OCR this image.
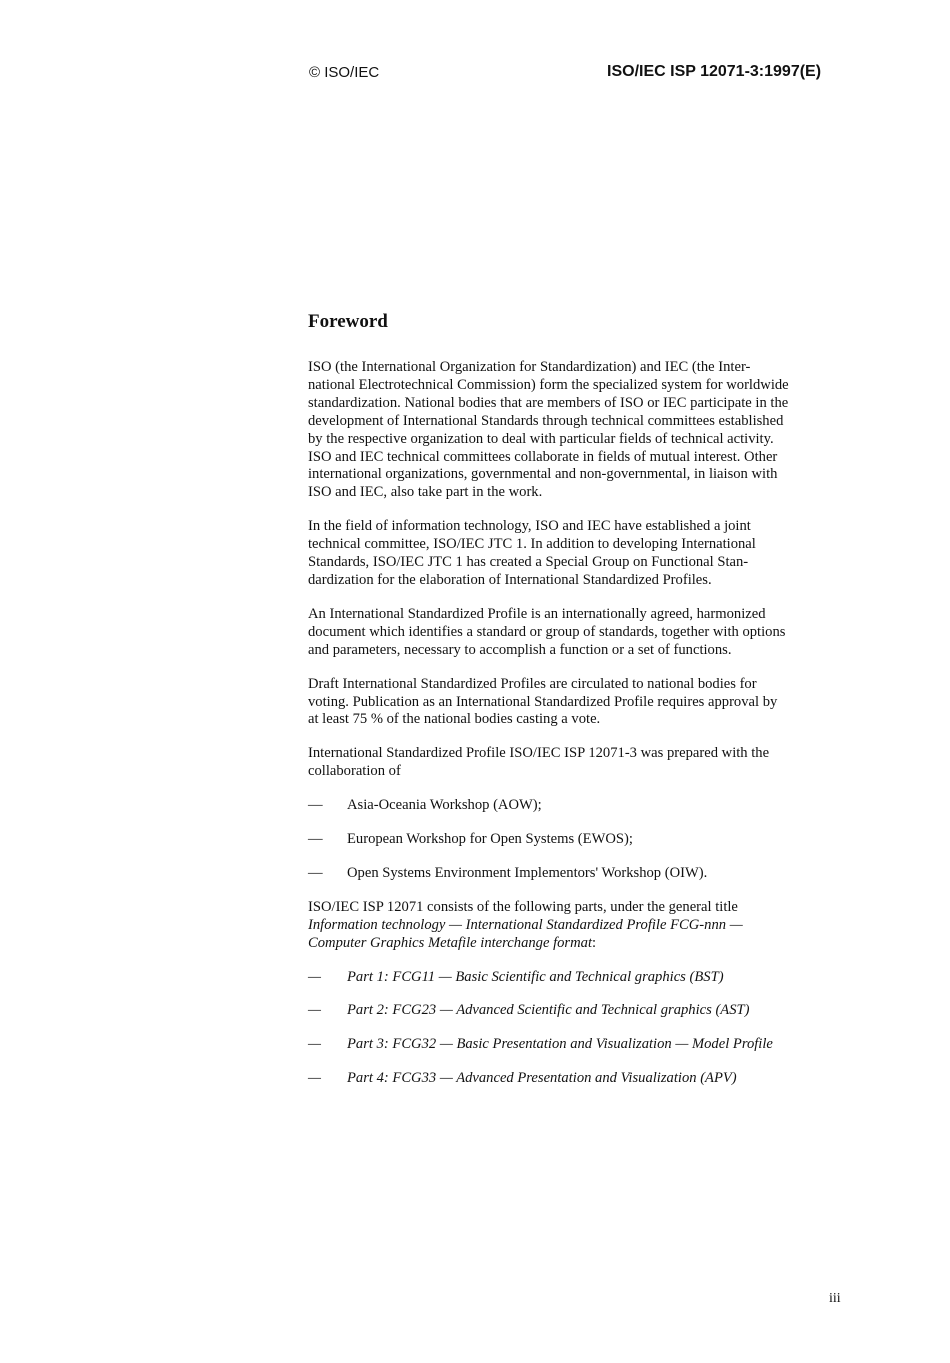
© ISO/IEC	ISO/IEC ISP 12071-3:1997(E)
Foreword

ISO (the International Organization for Standardization) and IEC (the Inter-
national Electrotechnical Commission) form the specialized system for worldwide
standardization. National bodies that are members of ISO or IEC participate in the
development of International Standards through technical committees established
by the respective organization to deal with particular fields of technical activity.
ISO and IEC technical committees collaborate in fields of mutual interest. Other
international organizations, governmental and non-governmental, in liaison with
ISO and IEC, also take part in the work.

In the field of information technology, ISO and IEC have established a joint
technical committee, ISO/IEC JTC 1. In addition to developing International
Standards, ISO/IEC JTC 1 has created a Special Group on Functional Stan-
dardization for the elaboration of International Standardized Profiles.

An International Standardized Profile is an internationally agreed, harmonized
document which identifies a standard or group of standards, together with options
and parameters, necessary to accomplish a function or a set of functions.

Draft International Standardized Profiles are circulated to national bodies for
voting. Publication as an International Standardized Profile requires approval by
at least 75 % of the national bodies casting a vote.

International Standardized Profile ISO/IEC ISP 12071-3 was prepared with the
collaboration of

— Asia-Oceania Workshop (AOW);
— European Workshop for Open Systems (EWOS);
— Open Systems Environment Implementors' Workshop (OIW).

ISO/IEC ISP 12071 consists of the following parts, under the general title
Information technology — International Standardized Profile FCG-nnn —
Computer Graphics Metafile interchange format:

— Part 1: FCG11 — Basic Scientific and Technical graphics (BST)
— Part 2: FCG23 — Advanced Scientific and Technical graphics (AST)
— Part 3: FCG32 — Basic Presentation and Visualization — Model Profile
— Part 4: FCG33 — Advanced Presentation and Visualization (APV)
iii
